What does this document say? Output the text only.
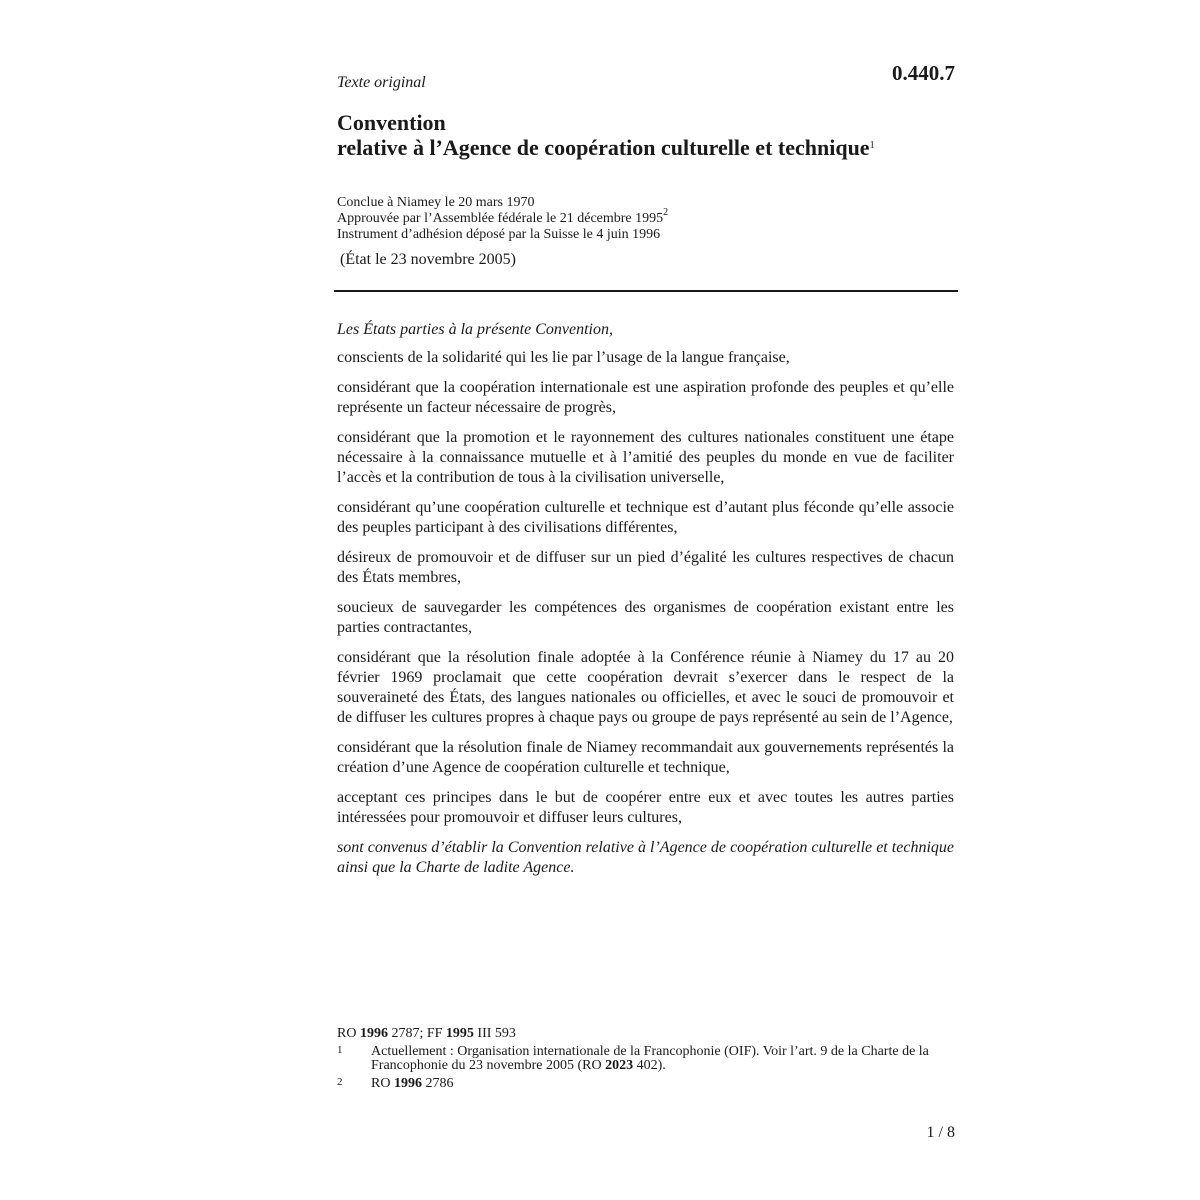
Texte original	0.440.7
Convention
relative à l’Agence de coopération culturelle et technique$^1$
Conclue à Niamey le 20 mars 1970
Approuvée par l’Assemblée fédérale le 21 décembre 1995$^2$
Instrument d’adhésion déposé par la Suisse le 4 juin 1996
(État le 23 novembre 2005)

Les États parties à la présente Convention,

conscients de la solidarité qui les lie par l’usage de la langue française,

considérant que la coopération internationale est une aspiration profonde des peuples et qu’elle représente un facteur nécessaire de progrès,

considérant que la promotion et le rayonnement des cultures nationales constituent une étape nécessaire à la connaissance mutuelle et à l’amitié des peuples du monde en vue de faciliter l’accès et la contribution de tous à la civilisation universelle,

considérant qu’une coopération culturelle et technique est d’autant plus féconde qu’elle associe des peuples participant à des civilisations différentes,

désireux de promouvoir et de diffuser sur un pied d’égalité les cultures respectives de chacun des États membres,

soucieux de sauvegarder les compétences des organismes de coopération existant entre les parties contractantes,

considérant que la résolution finale adoptée à la Conférence réunie à Niamey du 17 au 20 février 1969 proclamait que cette coopération devrait s’exercer dans le respect de la souveraineté des États, des langues nationales ou officielles, et avec le souci de promouvoir et de diffuser les cultures propres à chaque pays ou groupe de pays représenté au sein de l’Agence,

considérant que la résolution finale de Niamey recommandait aux gouvernements représentés la création d’une Agence de coopération culturelle et technique,

acceptant ces principes dans le but de coopérer entre eux et avec toutes les autres parties intéressées pour promouvoir et diffuser leurs cultures,

sont convenus d’établir la Convention relative à l’Agence de coopération culturelle et technique ainsi que la Charte de ladite Agence.

RO 1996 2787; FF 1995 III 593
1 Actuellement : Organisation internationale de la Francophonie (OIF). Voir l’art. 9 de la Charte de la Francophonie du 23 novembre 2005 (RO 2023 402).
2 RO 1996 2786
1 / 8
